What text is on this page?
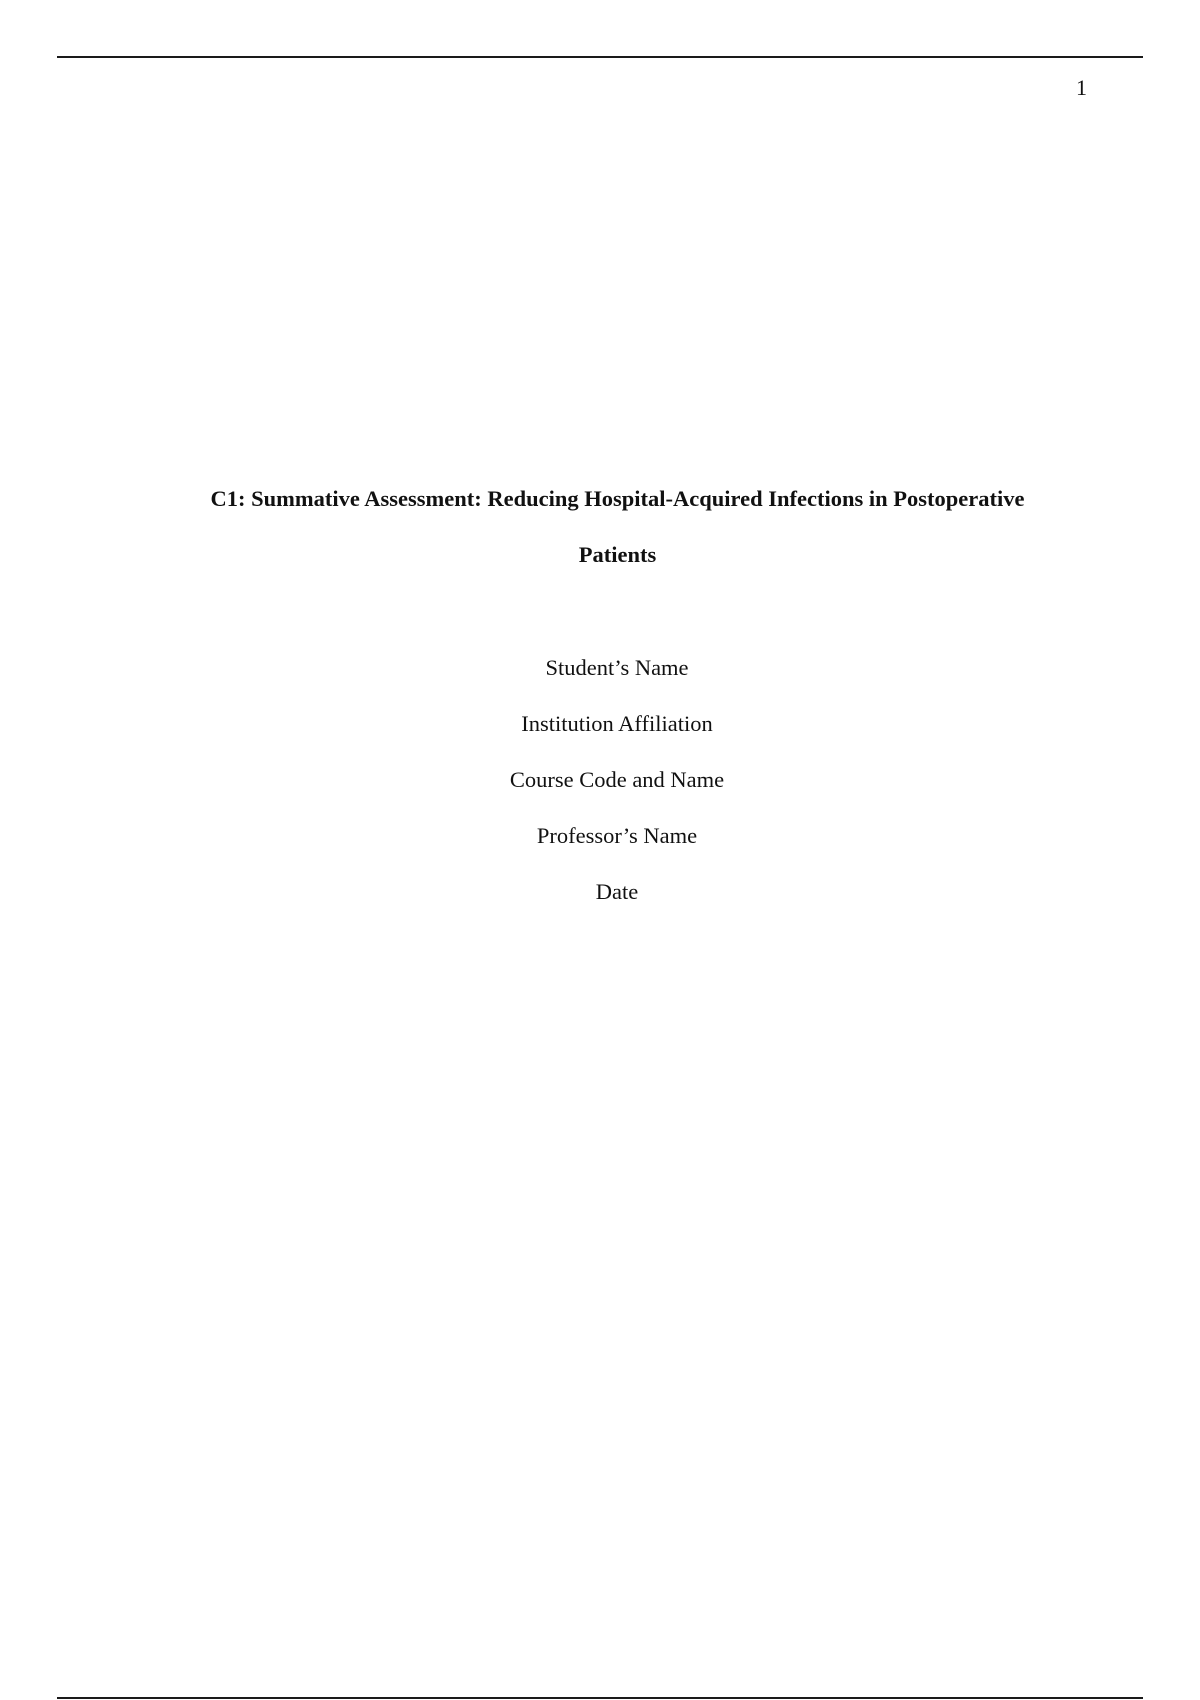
1
C1: Summative Assessment: Reducing Hospital-Acquired Infections in Postoperative
Patients
Student’s Name
Institution Affiliation
Course Code and Name
Professor’s Name
Date
